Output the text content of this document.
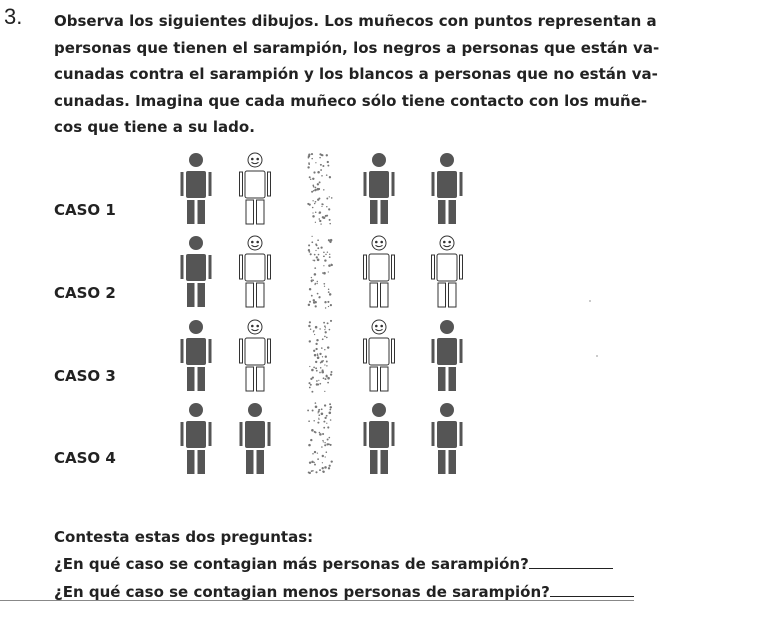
3. Observa los siguientes dibujos. Los muñecos con puntos representan a
personas que tienen el sarampión, los negros a personas que están va-
cunadas contra el sarampión y los blancos a personas que no están va-
cunadas. Imagina que cada muñeco sólo tiene contacto con los muñe-
cos que tiene a su lado.
CASO 1
CASO 2
CASO 3
CASO 4
Contesta estas dos preguntas:
¿En qué caso se contagian más personas de sarampión?
¿En qué caso se contagian menos personas de sarampión?
